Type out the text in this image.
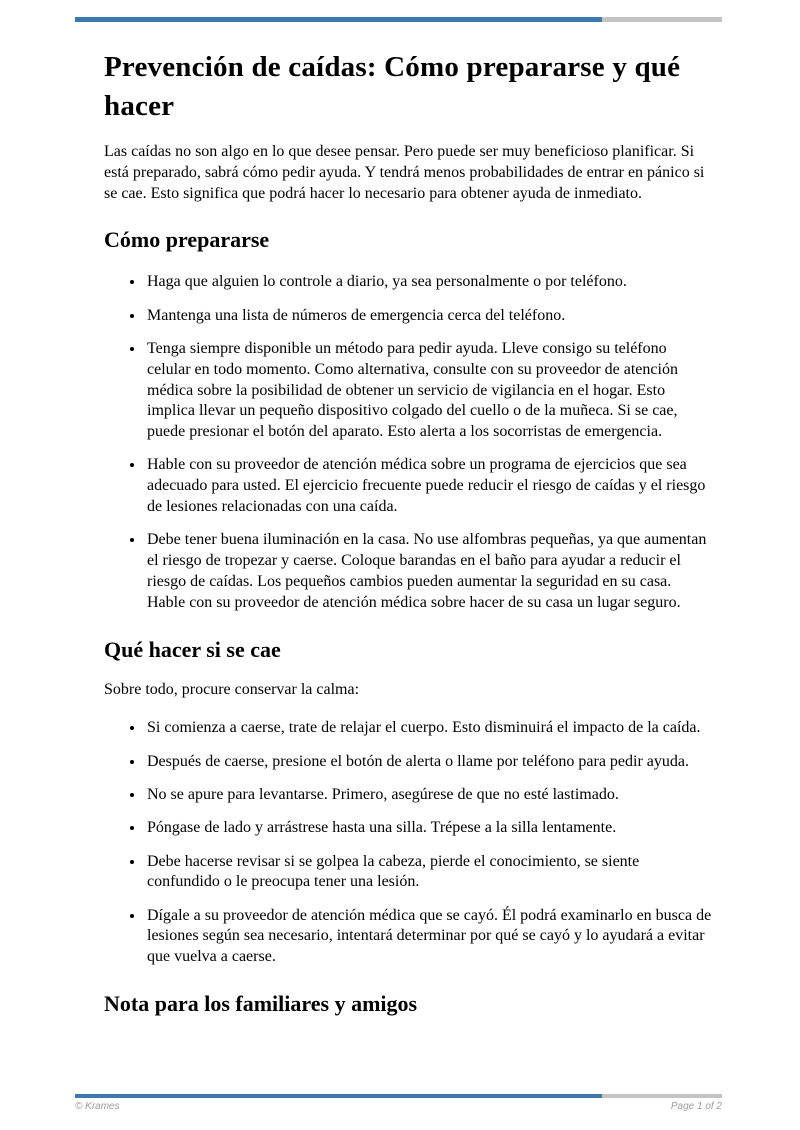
Prevención de caídas: Cómo prepararse y qué hacer

Las caídas no son algo en lo que desee pensar. Pero puede ser muy beneficioso planificar. Si está preparado, sabrá cómo pedir ayuda. Y tendrá menos probabilidades de entrar en pánico si se cae. Esto significa que podrá hacer lo necesario para obtener ayuda de inmediato.

Cómo prepararse
• Haga que alguien lo controle a diario, ya sea personalmente o por teléfono.
• Mantenga una lista de números de emergencia cerca del teléfono.
• Tenga siempre disponible un método para pedir ayuda. Lleve consigo su teléfono celular en todo momento. Como alternativa, consulte con su proveedor de atención médica sobre la posibilidad de obtener un servicio de vigilancia en el hogar. Esto implica llevar un pequeño dispositivo colgado del cuello o de la muñeca. Si se cae, puede presionar el botón del aparato. Esto alerta a los socorristas de emergencia.
• Hable con su proveedor de atención médica sobre un programa de ejercicios que sea adecuado para usted. El ejercicio frecuente puede reducir el riesgo de caídas y el riesgo de lesiones relacionadas con una caída.
• Debe tener buena iluminación en la casa. No use alfombras pequeñas, ya que aumentan el riesgo de tropezar y caerse. Coloque barandas en el baño para ayudar a reducir el riesgo de caídas. Los pequeños cambios pueden aumentar la seguridad en su casa. Hable con su proveedor de atención médica sobre hacer de su casa un lugar seguro.
Qué hacer si se cae

Sobre todo, procure conservar la calma:

• Si comienza a caerse, trate de relajar el cuerpo. Esto disminuirá el impacto de la caída.
• Después de caerse, presione el botón de alerta o llame por teléfono para pedir ayuda.
• No se apure para levantarse. Primero, asegúrese de que no esté lastimado.
• Póngase de lado y arrástrese hasta una silla. Trépese a la silla lentamente.
• Debe hacerse revisar si se golpea la cabeza, pierde el conocimiento, se siente confundido o le preocupa tener una lesión.
• Dígale a su proveedor de atención médica que se cayó. Él podrá examinarlo en busca de lesiones según sea necesario, intentará determinar por qué se cayó y lo ayudará a evitar que vuelva a caerse.
Nota para los familiares y amigos
© Krames	Page 1 of 2
